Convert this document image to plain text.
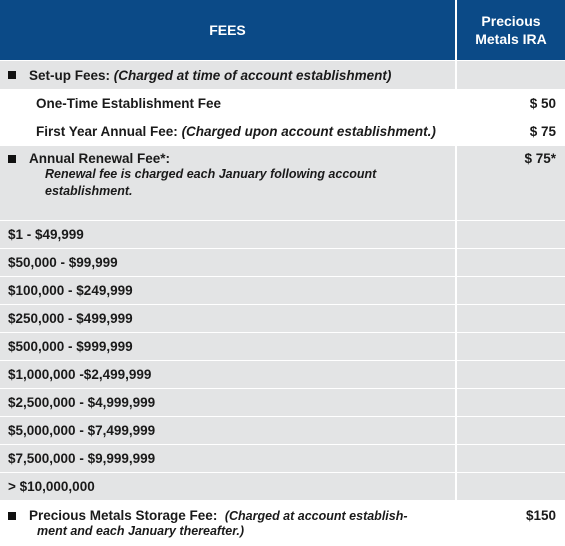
FEES
Precious
Metals IRA
Set-up Fees:
(Charged at time of account establishment)
One-Time Establishment Fee	$ 50
First Year Annual Fee:
(Charged upon account establishment.)	$ 75
Annual Renewal Fee*:
Renewal fee is charged each January following account
establishment.
$ 75*
$1 - $49,999
$50,000 - $99,999
$100,000 - $249,999
$250,000 - $499,999
$500,000 - $999,999
$1,000,000 -$2,499,999
$2,500,000 - $4,999,999
$5,000,000 - $7,499,999
$7,500,000 - $9,999,999
> $10,000,000
Precious Metals Storage Fee:
(Charged at account establish-
ment and each January thereafter.)
$150
